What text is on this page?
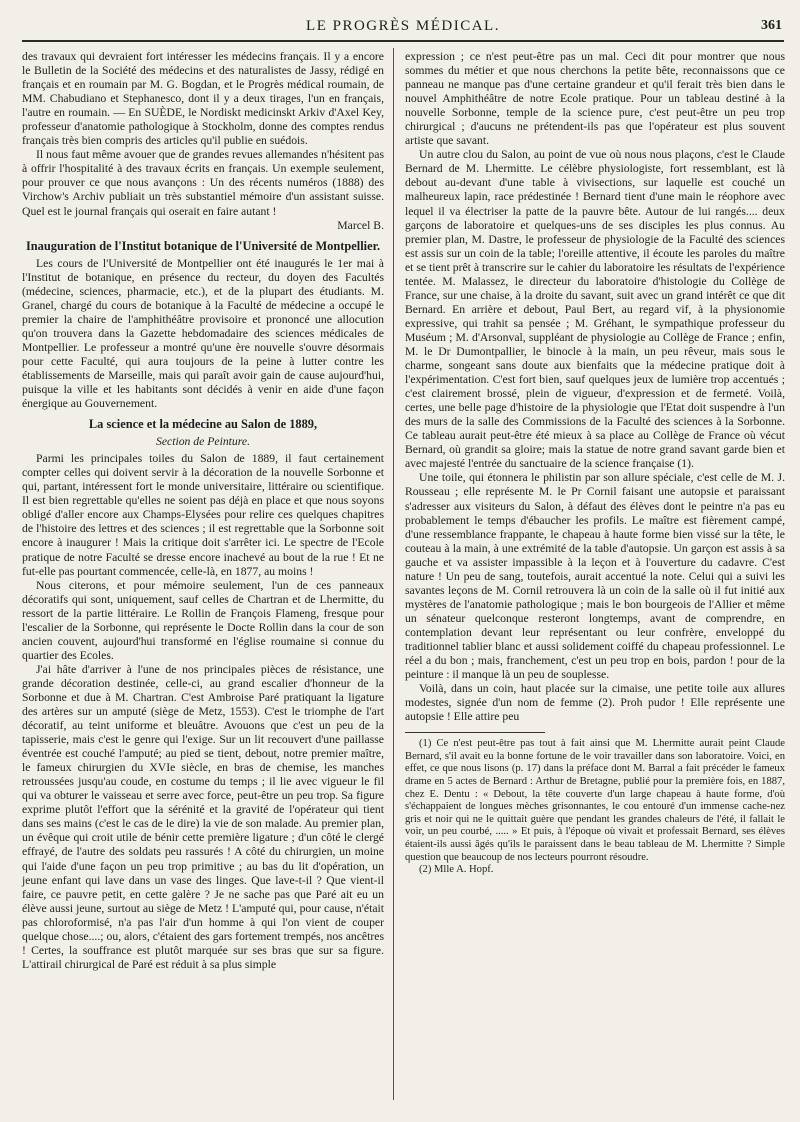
LE PROGRÈS MÉDICAL.	361

des travaux qui devraient fort intéresser les médecins français. Il y a encore le Bulletin de la Société des médecins et des naturalistes de Jassy, rédigé en français et en roumain par M. G. Bogdan, et le Progrès médical roumain, de MM. Chabudiano et Stephanesco, dont il y a deux tirages, l'un en français, l'autre en roumain. — En SUÈDE, le Nordiskt medicinskt Arkiv d'Axel Key, professeur d'anatomie pathologique à Stockholm, donne des comptes rendus français très bien compris des articles qu'il publie en suédois.

Il nous faut même avouer que de grandes revues allemandes n'hésitent pas à offrir l'hospitalité à des travaux écrits en français. Un exemple seulement, pour prouver ce que nous avançons : Un des récents numéros (1888) des Virchow's Archiv publiait un très substantiel mémoire d'un assistant suisse. Quel est le journal français qui oserait en faire autant !

Marcel B.
Inauguration de l'Institut botanique de l'Université de Montpellier.

Les cours de l'Université de Montpellier ont été inaugurés le 1er mai à l'Institut de botanique, en présence du recteur, du doyen des Facultés (médecine, sciences, pharmacie, etc.), et de la plupart des étudiants. M. Granel, chargé du cours de botanique à la Faculté de médecine a occupé le premier la chaire de l'amphithéâtre provisoire et prononcé une allocution qu'on trouvera dans la Gazette hebdomadaire des sciences médicales de Montpellier. Le professeur a montré qu'une ère nouvelle s'ouvre désormais pour cette Faculté, qui aura toujours de la peine à lutter contre les établissements de Marseille, mais qui paraît avoir gain de cause aujourd'hui, puisque la ville et les habitants sont décidés à venir en aide d'une façon énergique au Gouvernement.

La science et la médecine au Salon de 1889,
Section de Peinture.

Parmi les principales toiles du Salon de 1889, il faut certainement compter celles qui doivent servir à la décoration de la nouvelle Sorbonne et qui, partant, intéressent fort le monde universitaire, littéraire ou scientifique. Il est bien regrettable qu'elles ne soient pas déjà en place et que nous soyons obligé d'aller encore aux Champs-Elysées pour relire ces quelques chapitres de l'histoire des lettres et des sciences ; il est regrettable que la Sorbonne soit encore à inaugurer ! Mais la critique doit s'arrêter ici. Le spectre de l'Ecole pratique de notre Faculté se dresse encore inachevé au bout de la rue ! Et ne fut-elle pas pourtant commencée, celle-là, en 1877, au moins !

Nous citerons, et pour mémoire seulement, l'un de ces panneaux décoratifs qui sont, uniquement, sauf celles de Chartran et de Lhermitte, du ressort de la partie littéraire. Le Rollin de François Flameng, fresque pour l'escalier de la Sorbonne, qui représente le Docte Rollin dans la cour de son ancien couvent, aujourd'hui transformé en l'église roumaine si connue du quartier des Ecoles.

J'ai hâte d'arriver à l'une de nos principales pièces de résistance, une grande décoration destinée, celle-ci, au grand escalier d'honneur de la Sorbonne et due à M. Chartran. C'est Ambroise Paré pratiquant la ligature des artères sur un amputé (siège de Metz, 1553). C'est le triomphe de l'art décoratif, au teint uniforme et bleuâtre. Avouons que c'est un peu de la tapisserie, mais c'est le genre qui l'exige. Sur un lit recouvert d'une paillasse éventrée est couché l'amputé; au pied se tient, debout, notre premier maître, le fameux chirurgien du XVIe siècle, en bras de chemise, les manches retroussées jusqu'au coude, en costume du temps ; il lie avec vigueur le fil qui va obturer le vaisseau et serre avec force, peut-être un peu trop. Sa figure exprime plutôt l'effort que la sérénité et la gravité de l'opérateur qui tient dans ses mains (c'est le cas de le dire) la vie de son malade. Au premier plan, un évêque qui croit utile de bénir cette première ligature ; d'un côté le clergé effrayé, de l'autre des soldats peu rassurés ! A côté du chirurgien, un moine qui l'aide d'une façon un peu trop primitive ; au bas du lit d'opération, un jeune enfant qui lave dans un vase des linges. Que lave-t-il ? Que vient-il faire, ce pauvre petit, en cette galère ? Je ne sache pas que Paré ait eu un élève aussi jeune, surtout au siège de Metz ! L'amputé qui, pour cause, n'était pas chloroformisé, n'a pas l'air d'un homme à qui l'on vient de couper quelque chose....; ou, alors, c'étaient des gars fortement trempés, nos ancêtres ! Certes, la souffrance est plutôt marquée sur ses bras que sur sa figure. L'attirail chirurgical de Paré est réduit à sa plus simple

expression ; ce n'est peut-être pas un mal. Ceci dit pour montrer que nous sommes du métier et que nous cherchons la petite bête, reconnaissons que ce panneau ne manque pas d'une certaine grandeur et qu'il ferait très bien dans le nouvel Amphithéâtre de notre Ecole pratique. Pour un tableau destiné à la nouvelle Sorbonne, temple de la science pure, c'est peut-être un peu trop chirurgical ; d'aucuns ne prétendent-ils pas que l'opérateur est plus souvent artiste que savant.

Un autre clou du Salon, au point de vue où nous nous plaçons, c'est le Claude Bernard de M. Lhermitte. Le célèbre physiologiste, fort ressemblant, est là debout au-devant d'une table à vivisections, sur laquelle est couché un malheureux lapin, race prédestinée ! Bernard tient d'une main le réophore avec lequel il va électriser la patte de la pauvre bête. Autour de lui rangés.... deux garçons de laboratoire et quelques-uns de ses disciples les plus connus. Au premier plan, M. Dastre, le professeur de physiologie de la Faculté des sciences est assis sur un coin de la table; l'oreille attentive, il écoute les paroles du maître et se tient prêt à transcrire sur le cahier du laboratoire les résultats de l'expérience tentée. M. Malassez, le directeur du laboratoire d'histologie du Collège de France, sur une chaise, à la droite du savant, suit avec un grand intérêt ce que dit Bernard. En arrière et debout, Paul Bert, au regard vif, à la physionomie expressive, qui trahit sa pensée ; M. Gréhant, le sympathique professeur du Muséum ; M. d'Arsonval, suppléant de physiologie au Collège de France ; enfin, M. le Dr Dumontpallier, le binocle à la main, un peu rêveur, mais sous le charme, songeant sans doute aux bienfaits que la médecine pratique doit à l'expérimentation. C'est fort bien, sauf quelques jeux de lumière trop accentués ; c'est clairement brossé, plein de vigueur, d'expression et de fermeté. Voilà, certes, une belle page d'histoire de la physiologie que l'Etat doit suspendre à l'un des murs de la salle des Commissions de la Faculté des sciences à la Sorbonne. Ce tableau aurait peut-être été mieux à sa place au Collège de France où vécut Bernard, où grandit sa gloire; mais la statue de notre grand savant garde bien et avec majesté l'entrée du sanctuaire de la science française (1).

Une toile, qui étonnera le philistin par son allure spéciale, c'est celle de M. J. Rousseau ; elle représente M. le Pr Cornil faisant une autopsie et paraissant s'adresser aux visiteurs du Salon, à défaut des élèves dont le peintre n'a pas eu probablement le temps d'ébaucher les profils. Le maître est fièrement campé, d'une ressemblance frappante, le chapeau à haute forme bien vissé sur la tête, le couteau à la main, à une extrémité de la table d'autopsie. Un garçon est assis à sa gauche et va assister impassible à la leçon et à l'ouverture du cadavre. C'est nature ! Un peu de sang, toutefois, aurait accentué la note. Celui qui a suivi les savantes leçons de M. Cornil retrouvera là un coin de la salle où il fut initié aux mystères de l'anatomie pathologique ; mais le bon bourgeois de l'Allier et même un sénateur quelconque resteront longtemps, avant de comprendre, en contemplation devant leur représentant ou leur confrère, enveloppé du traditionnel tablier blanc et aussi solidement coiffé du chapeau professionnel. Le réel a du bon ; mais, franchement, c'est un peu trop en bois, pardon ! pour de la peinture : il manque là un peu de souplesse.

Voilà, dans un coin, haut placée sur la cimaise, une petite toile aux allures modestes, signée d'un nom de femme (2). Proh pudor ! Elle représente une autopsie ! Elle attire peu

(1) Ce n'est peut-être pas tout à fait ainsi que M. Lhermitte aurait peint Claude Bernard, s'il avait eu la bonne fortune de le voir travailler dans son laboratoire. Voici, en effet, ce que nous lisons (p. 17) dans la préface dont M. Barral a fait précéder le fameux drame en 5 actes de Bernard : Arthur de Bretagne, publié pour la première fois, en 1887, chez E. Dentu : « Debout, la tête couverte d'un large chapeau à haute forme, d'où s'échappaient de longues mèches grisonnantes, le cou entouré d'un immense cache-nez gris et noir qui ne le quittait guère que pendant les grandes chaleurs de l'été, il fallait le voir, un peu courbé, ..... » Et puis, à l'époque où vivait et professait Bernard, ses élèves étaient-ils aussi âgés qu'ils le paraissent dans le beau tableau de M. Lhermitte ? Simple question que beaucoup de nos lecteurs pourront résoudre.

(2) Mlle A. Hopf.
